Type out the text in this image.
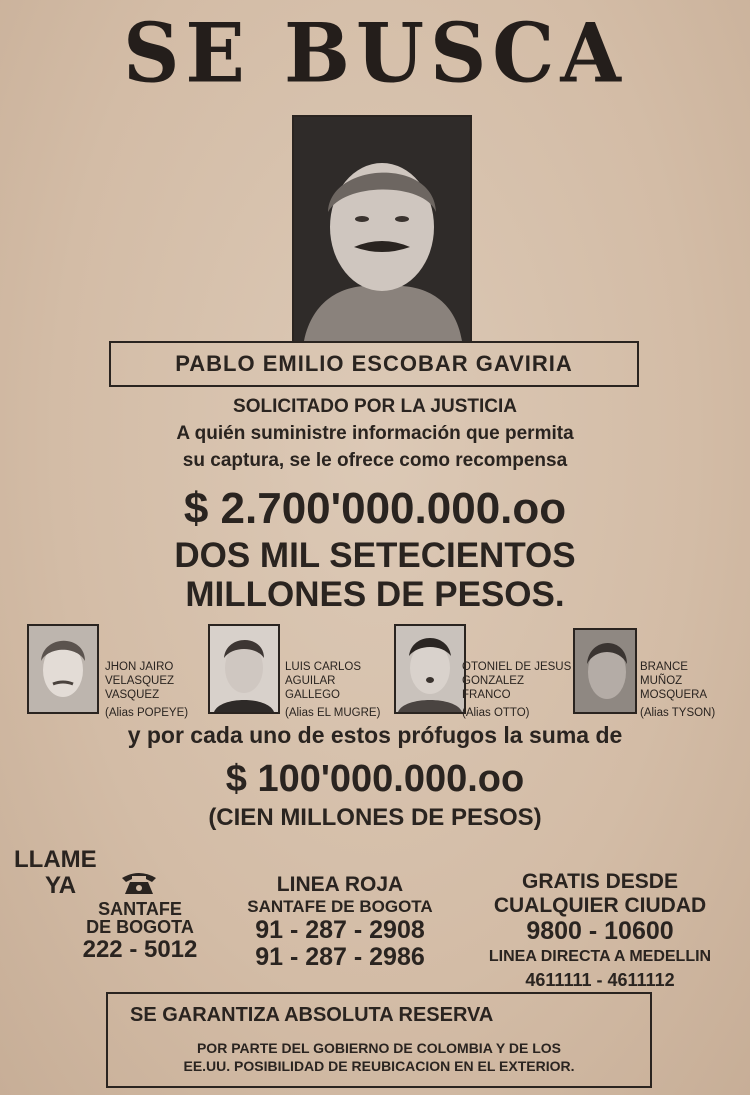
SE BUSCA
PABLO EMILIO ESCOBAR GAVIRIA
SOLICITADO POR LA JUSTICIA
A quién suministre información que permita
su captura, se le ofrece como recompensa
$ 2.700'000.000.oo
DOS MIL SETECIENTOS
MILLONES DE PESOS.
JHON JAIRO
VELASQUEZ
VASQUEZ
(Alias POPEYE)
LUIS CARLOS
AGUILAR
GALLEGO
(Alias EL MUGRE)
OTONIEL DE JESUS
GONZALEZ
FRANCO
(Alias OTTO)
BRANCE
MUÑOZ
MOSQUERA
(Alias TYSON)
y por cada uno de estos prófugos la suma de
$ 100'000.000.oo
(CIEN MILLONES DE PESOS)
LLAME
YA
SANTAFE
DE BOGOTA
222 - 5012
LINEA ROJA
SANTAFE DE BOGOTA
91 - 287 - 2908
91 - 287 - 2986
GRATIS DESDE
CUALQUIER CIUDAD
9800 - 10600
LINEA DIRECTA A MEDELLIN
4611111 - 4611112
SE GARANTIZA ABSOLUTA RESERVA
POR PARTE DEL GOBIERNO DE COLOMBIA Y DE LOS
EE.UU. POSIBILIDAD DE REUBICACION EN EL EXTERIOR.
